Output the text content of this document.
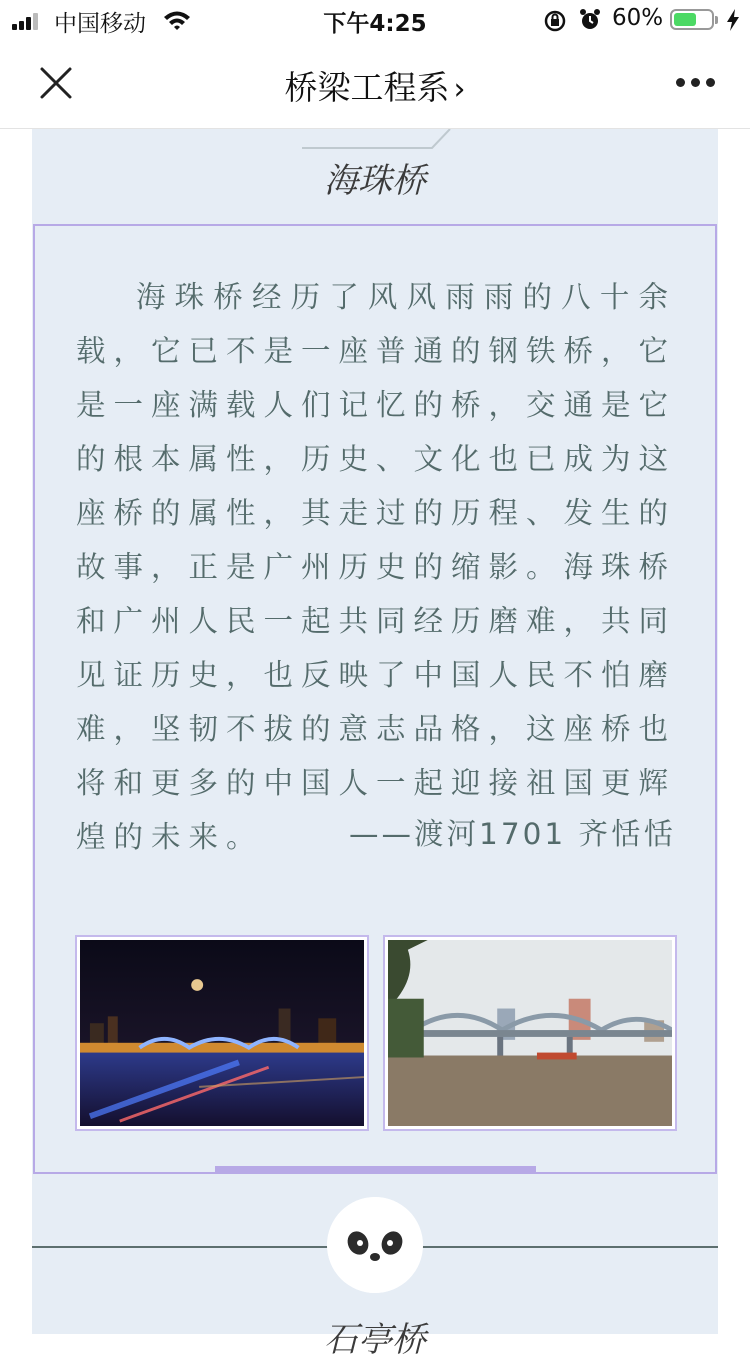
中国移动	下午4:25	60%
桥梁工程系 ›
海珠桥
海珠桥经历了风风雨雨的八十余载，它已不是一座普通的钢铁桥，它是一座满载人们记忆的桥，交通是它的根本属性，历史、文化也已成为这座桥的属性，其走过的历程、发生的故事，正是广州历史的缩影。海珠桥和广州人民一起共同经历磨难，共同见证历史，也反映了中国人民不怕磨难，坚韧不拔的意志品格，这座桥也将和更多的中国人一起迎接祖国更辉煌的未来。	——渡河1701 齐恬恬
石亭桥
